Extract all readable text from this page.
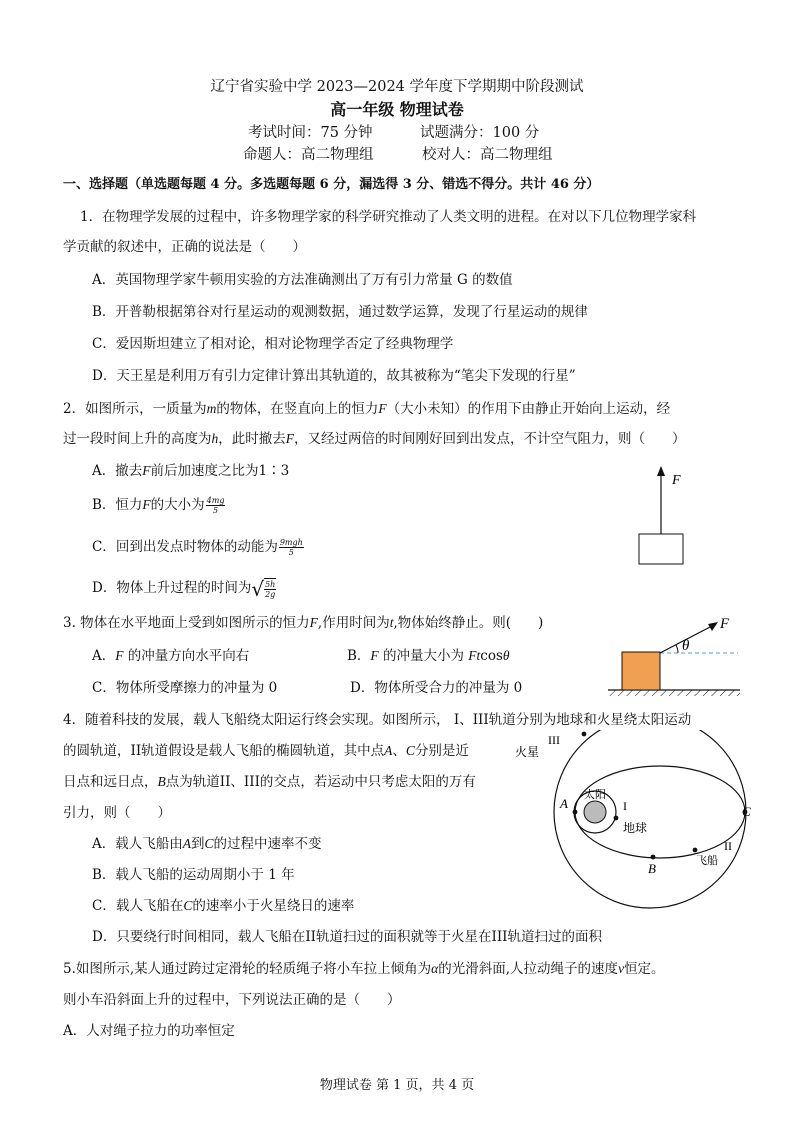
辽宁省实验中学 2023—2024 学年度下学期期中阶段测试
高一年级 物理试卷
考试时间：75 分钟	试题满分：100 分
命题人：高二物理组	校对人：高二物理组
一、选择题（单选题每题 4 分。多选题每题 6 分，漏选得 3 分、错选不得分。共计 46 分）
1．在物理学发展的过程中，许多物理学家的科学研究推动了人类文明的进程。在对以下几位物理学家科
学贡献的叙述中，正确的说法是（　　）
A．英国物理学家牛顿用实验的方法准确测出了万有引力常量 G 的数值
B．开普勒根据第谷对行星运动的观测数据，通过数学运算，发现了行星运动的规律
C．爱因斯坦建立了相对论，相对论物理学否定了经典物理学
D．天王星是利用万有引力定律计算出其轨道的，故其被称为“笔尖下发现的行星”
2．如图所示，一质量为m的物体，在竖直向上的恒力F（大小未知）的作用下由静止开始向上运动，经
过一段时间上升的高度为h，此时撤去F，又经过两倍的时间刚好回到出发点，不计空气阻力，则（　　）
A．撤去F前后加速度之比为1∶3
B．恒力F的大小为 $\frac{4mg}{5}$
C．回到出发点时物体的动能为 $\frac{\text{9mgh}}{5}$
D．物体上升过程的时间为 √ $\frac{5h}{2g}$
F
3. 物体在水平地面上受到如图所示的恒力F,作用时间为t,物体始终静止。则(　　)
A．F 的冲量方向水平向右	B．F 的冲量大小为 Ftcosθ
C．物体所受摩擦力的冲量为 0	D．物体所受合力的冲量为 0
θ
F
4．随着科技的发展，载人飞船绕太阳运行终会实现。如图所示， I、III轨道分别为地球和火星绕太阳运动
的圆轨道，II轨道假设是载人飞船的椭圆轨道，其中点A、C分别是近
日点和远日点，B点为轨道II、III的交点，若运动中只考虑太阳的万有
引力，则（　　）
A．载人飞船由A到C的过程中速率不变
B．载人飞船的运动周期小于 1 年
C．载人飞船在C的速率小于火星绕日的速率
D．只要绕行时间相同，载人飞船在II轨道扫过的面积就等于火星在III轨道扫过的面积
火星
III
太阳
I
地球
A
C
B
II
飞船
5.如图所示,某人通过跨过定滑轮的轻质绳子将小车拉上倾角为α的光滑斜面,人拉动绳子的速度v恒定。
则小车沿斜面上升的过程中，下列说法正确的是（　　）
A．人对绳子拉力的功率恒定
物理试卷 第 1 页，共 4 页
